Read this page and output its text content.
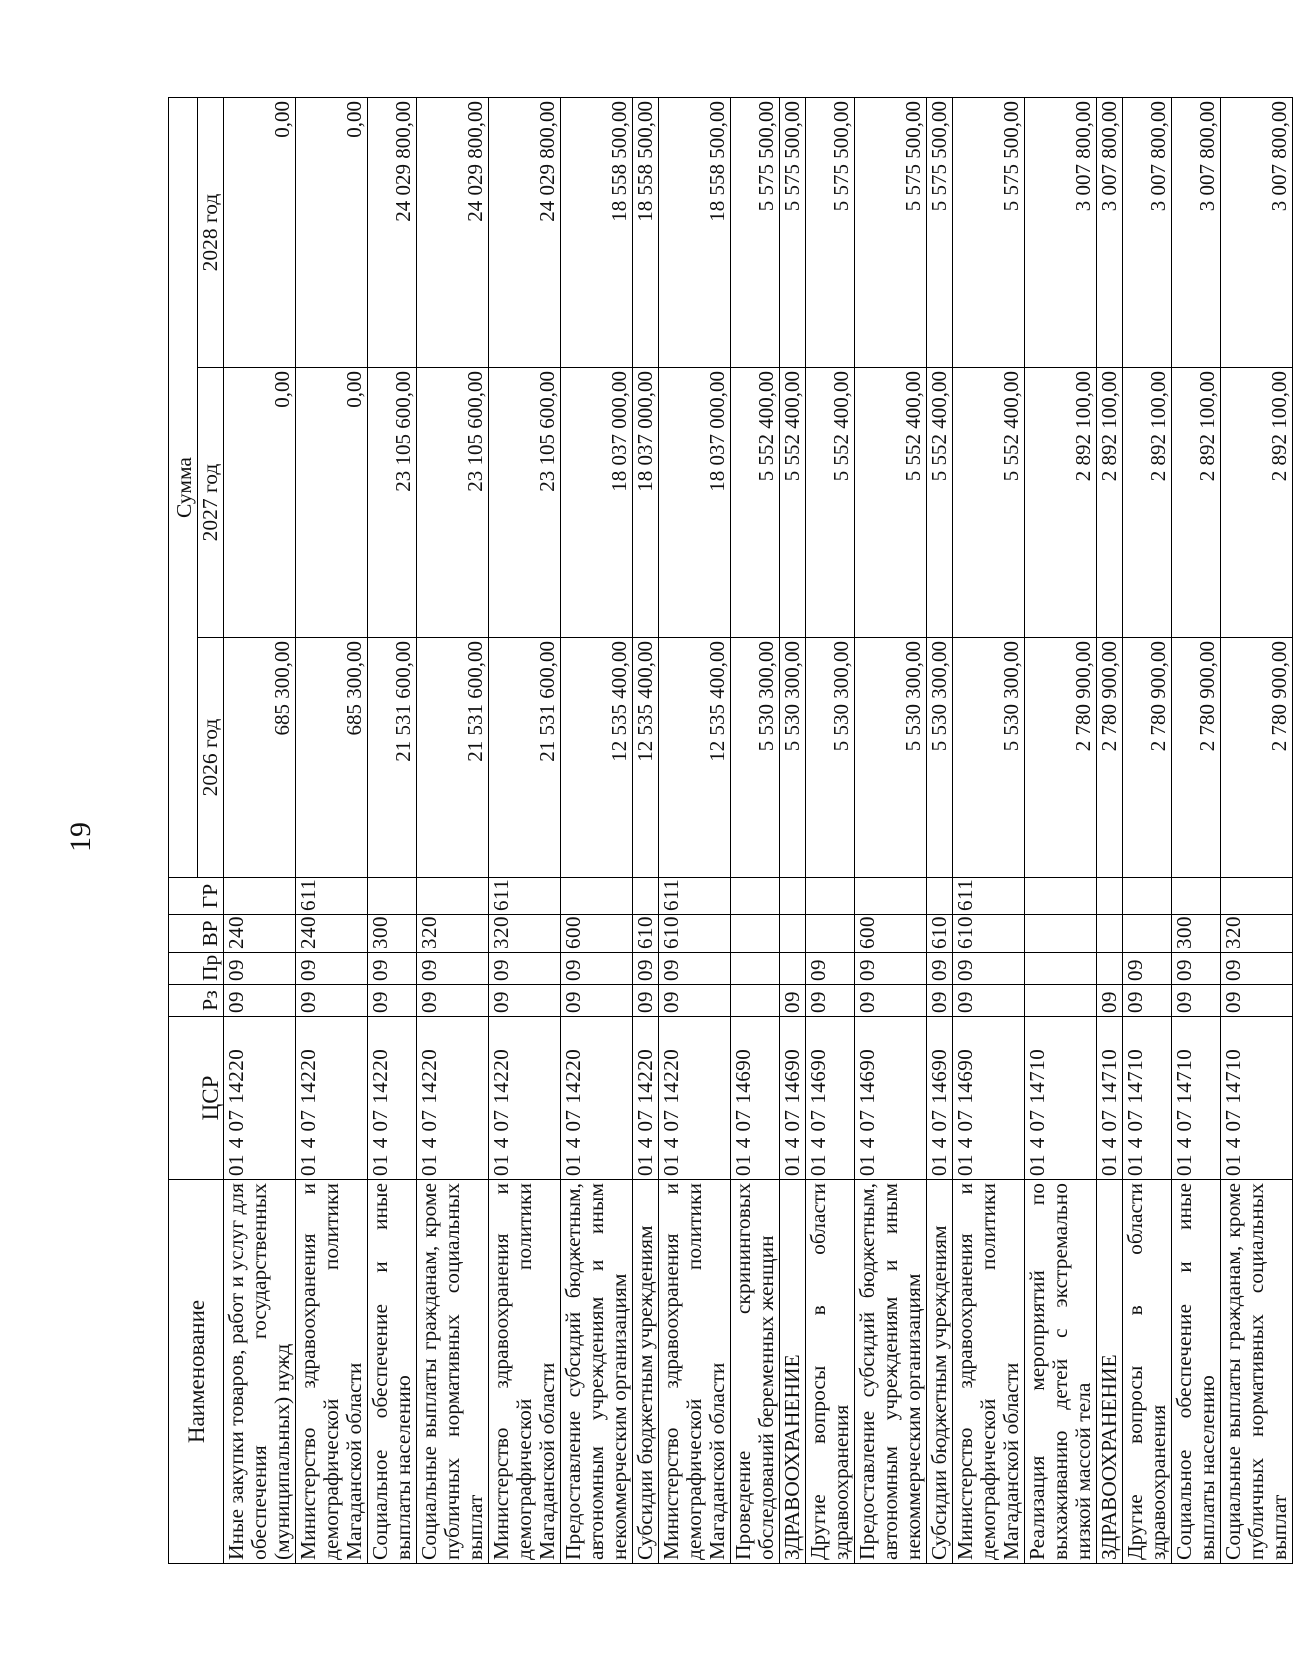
19
Наименование	ЦСР	Рз	Пр	ВР	ГР	Сумма		
						2026 год	2027 год	2028 год
Иные закупки товаров, работ и услуг для обеспечения государственных (муниципальных) нужд	01 4 07 14220	09	09	240		685 300,00	0,00	0,00
Министерство здравоохранения и демографической политики Магаданской области	01 4 07 14220	09	09	240	611	685 300,00	0,00	0,00
Социальное обеспечение и иные выплаты населению	01 4 07 14220	09	09	300		21 531 600,00	23 105 600,00	24 029 800,00
Социальные выплаты гражданам, кроме публичных нормативных социальных выплат	01 4 07 14220	09	09	320		21 531 600,00	23 105 600,00	24 029 800,00
Министерство здравоохранения и демографической политики Магаданской области	01 4 07 14220	09	09	320	611	21 531 600,00	23 105 600,00	24 029 800,00
Предоставление субсидий бюджетным, автономным учреждениям и иным некоммерческим организациям	01 4 07 14220	09	09	600		12 535 400,00	18 037 000,00	18 558 500,00
Субсидии бюджетным учреждениям	01 4 07 14220	09	09	610		12 535 400,00	18 037 000,00	18 558 500,00
Министерство здравоохранения и демографической политики Магаданской области	01 4 07 14220	09	09	610	611	12 535 400,00	18 037 000,00	18 558 500,00
Проведение скрининговых обследований беременных женщин	01 4 07 14690					5 530 300,00	5 552 400,00	5 575 500,00
ЗДРАВООХРАНЕНИЕ	01 4 07 14690	09				5 530 300,00	5 552 400,00	5 575 500,00
Другие вопросы в области здравоохранения	01 4 07 14690	09	09			5 530 300,00	5 552 400,00	5 575 500,00
Предоставление субсидий бюджетным, автономным учреждениям и иным некоммерческим организациям	01 4 07 14690	09	09	600		5 530 300,00	5 552 400,00	5 575 500,00
Субсидии бюджетным учреждениям	01 4 07 14690	09	09	610		5 530 300,00	5 552 400,00	5 575 500,00
Министерство здравоохранения и демографической политики Магаданской области	01 4 07 14690	09	09	610	611	5 530 300,00	5 552 400,00	5 575 500,00
Реализация мероприятий по выхаживанию детей с экстремально низкой массой тела	01 4 07 14710					2 780 900,00	2 892 100,00	3 007 800,00
ЗДРАВООХРАНЕНИЕ	01 4 07 14710	09				2 780 900,00	2 892 100,00	3 007 800,00
Другие вопросы в области здравоохранения	01 4 07 14710	09	09			2 780 900,00	2 892 100,00	3 007 800,00
Социальное обеспечение и иные выплаты населению	01 4 07 14710	09	09	300		2 780 900,00	2 892 100,00	3 007 800,00
Социальные выплаты гражданам, кроме публичных нормативных социальных выплат	01 4 07 14710	09	09	320		2 780 900,00	2 892 100,00	3 007 800,00
